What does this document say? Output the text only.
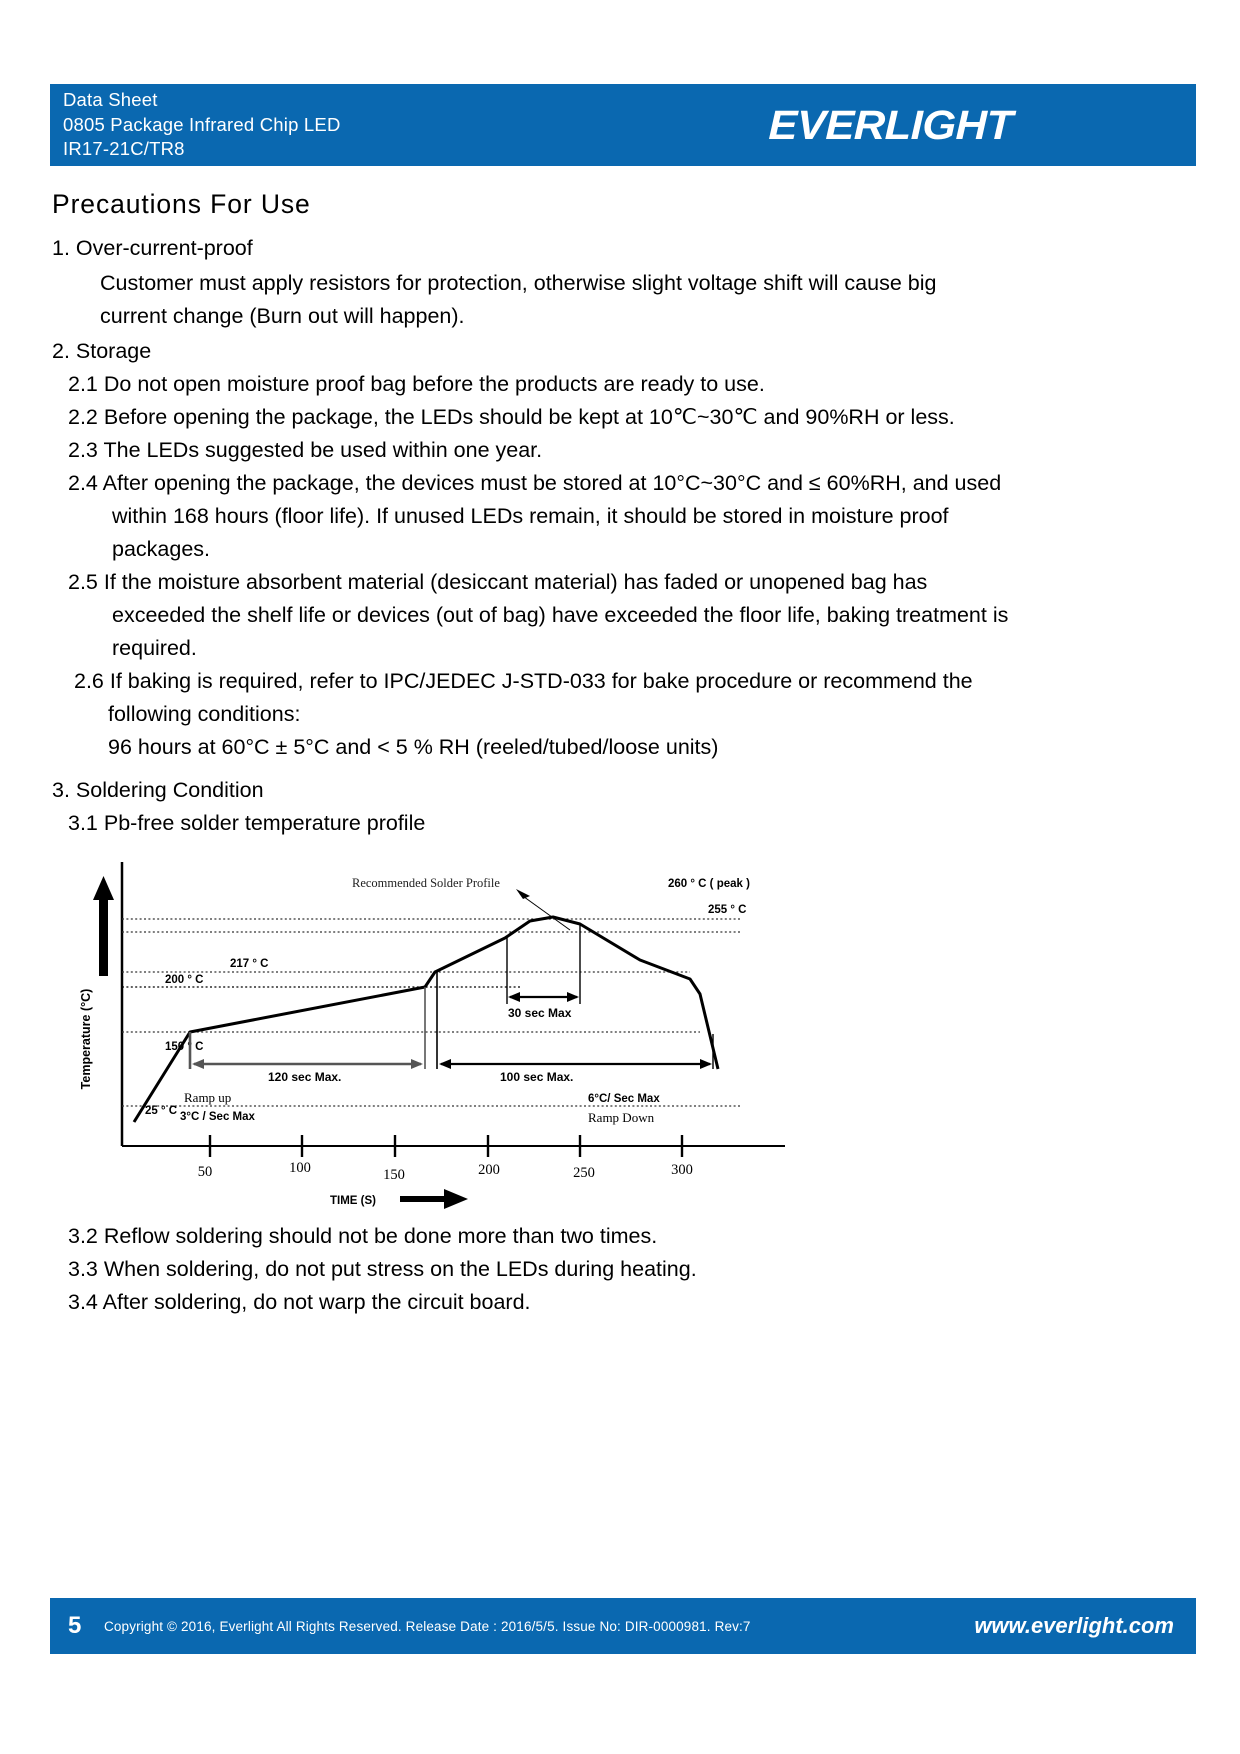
Data Sheet
0805 Package Infrared Chip LED
IR17-21C/TR8
EVERLIGHT
Precautions For Use
1. Over-current-proof
Customer must apply resistors for protection, otherwise slight voltage shift will cause big
current change (Burn out will happen).
2. Storage
2.1 Do not open moisture proof bag before the products are ready to use.
2.2 Before opening the package, the LEDs should be kept at 10℃~30℃ and 90%RH or less.
2.3 The LEDs suggested be used within one year.
2.4 After opening the package, the devices must be stored at 10°C~30°C and ≤ 60%RH, and used
within 168 hours (floor life). If unused LEDs remain, it should be stored in moisture proof
packages.
2.5 If the moisture absorbent material (desiccant material) has faded or unopened bag has
exceeded the shelf life or devices (out of bag) have exceeded the floor life, baking treatment is
required.
2.6 If baking is required, refer to IPC/JEDEC J-STD-033 for bake procedure or recommend the
following conditions:
96 hours at 60°C ± 5°C and < 5 % RH (reeled/tubed/loose units)
3. Soldering Condition
3.1 Pb-free solder temperature profile
Temperature (°C)
Recommended Solder Profile	260 ° C ( peak )
255 ° C
217 ° C
200 ° C
150 ° C
25 ° C
120 sec Max.	100 sec Max.
30 sec Max
Ramp up
3°C / Sec Max
6°C/ Sec Max
Ramp Down
50	100	150	200	250	300
TIME (S)
3.2 Reflow soldering should not be done more than two times.
3.3 When soldering, do not put stress on the LEDs during heating.
3.4 After soldering, do not warp the circuit board.
5	Copyright © 2016, Everlight All Rights Reserved. Release Date : 2016/5/5. Issue No: DIR-0000981. Rev:7	www.everlight.com
